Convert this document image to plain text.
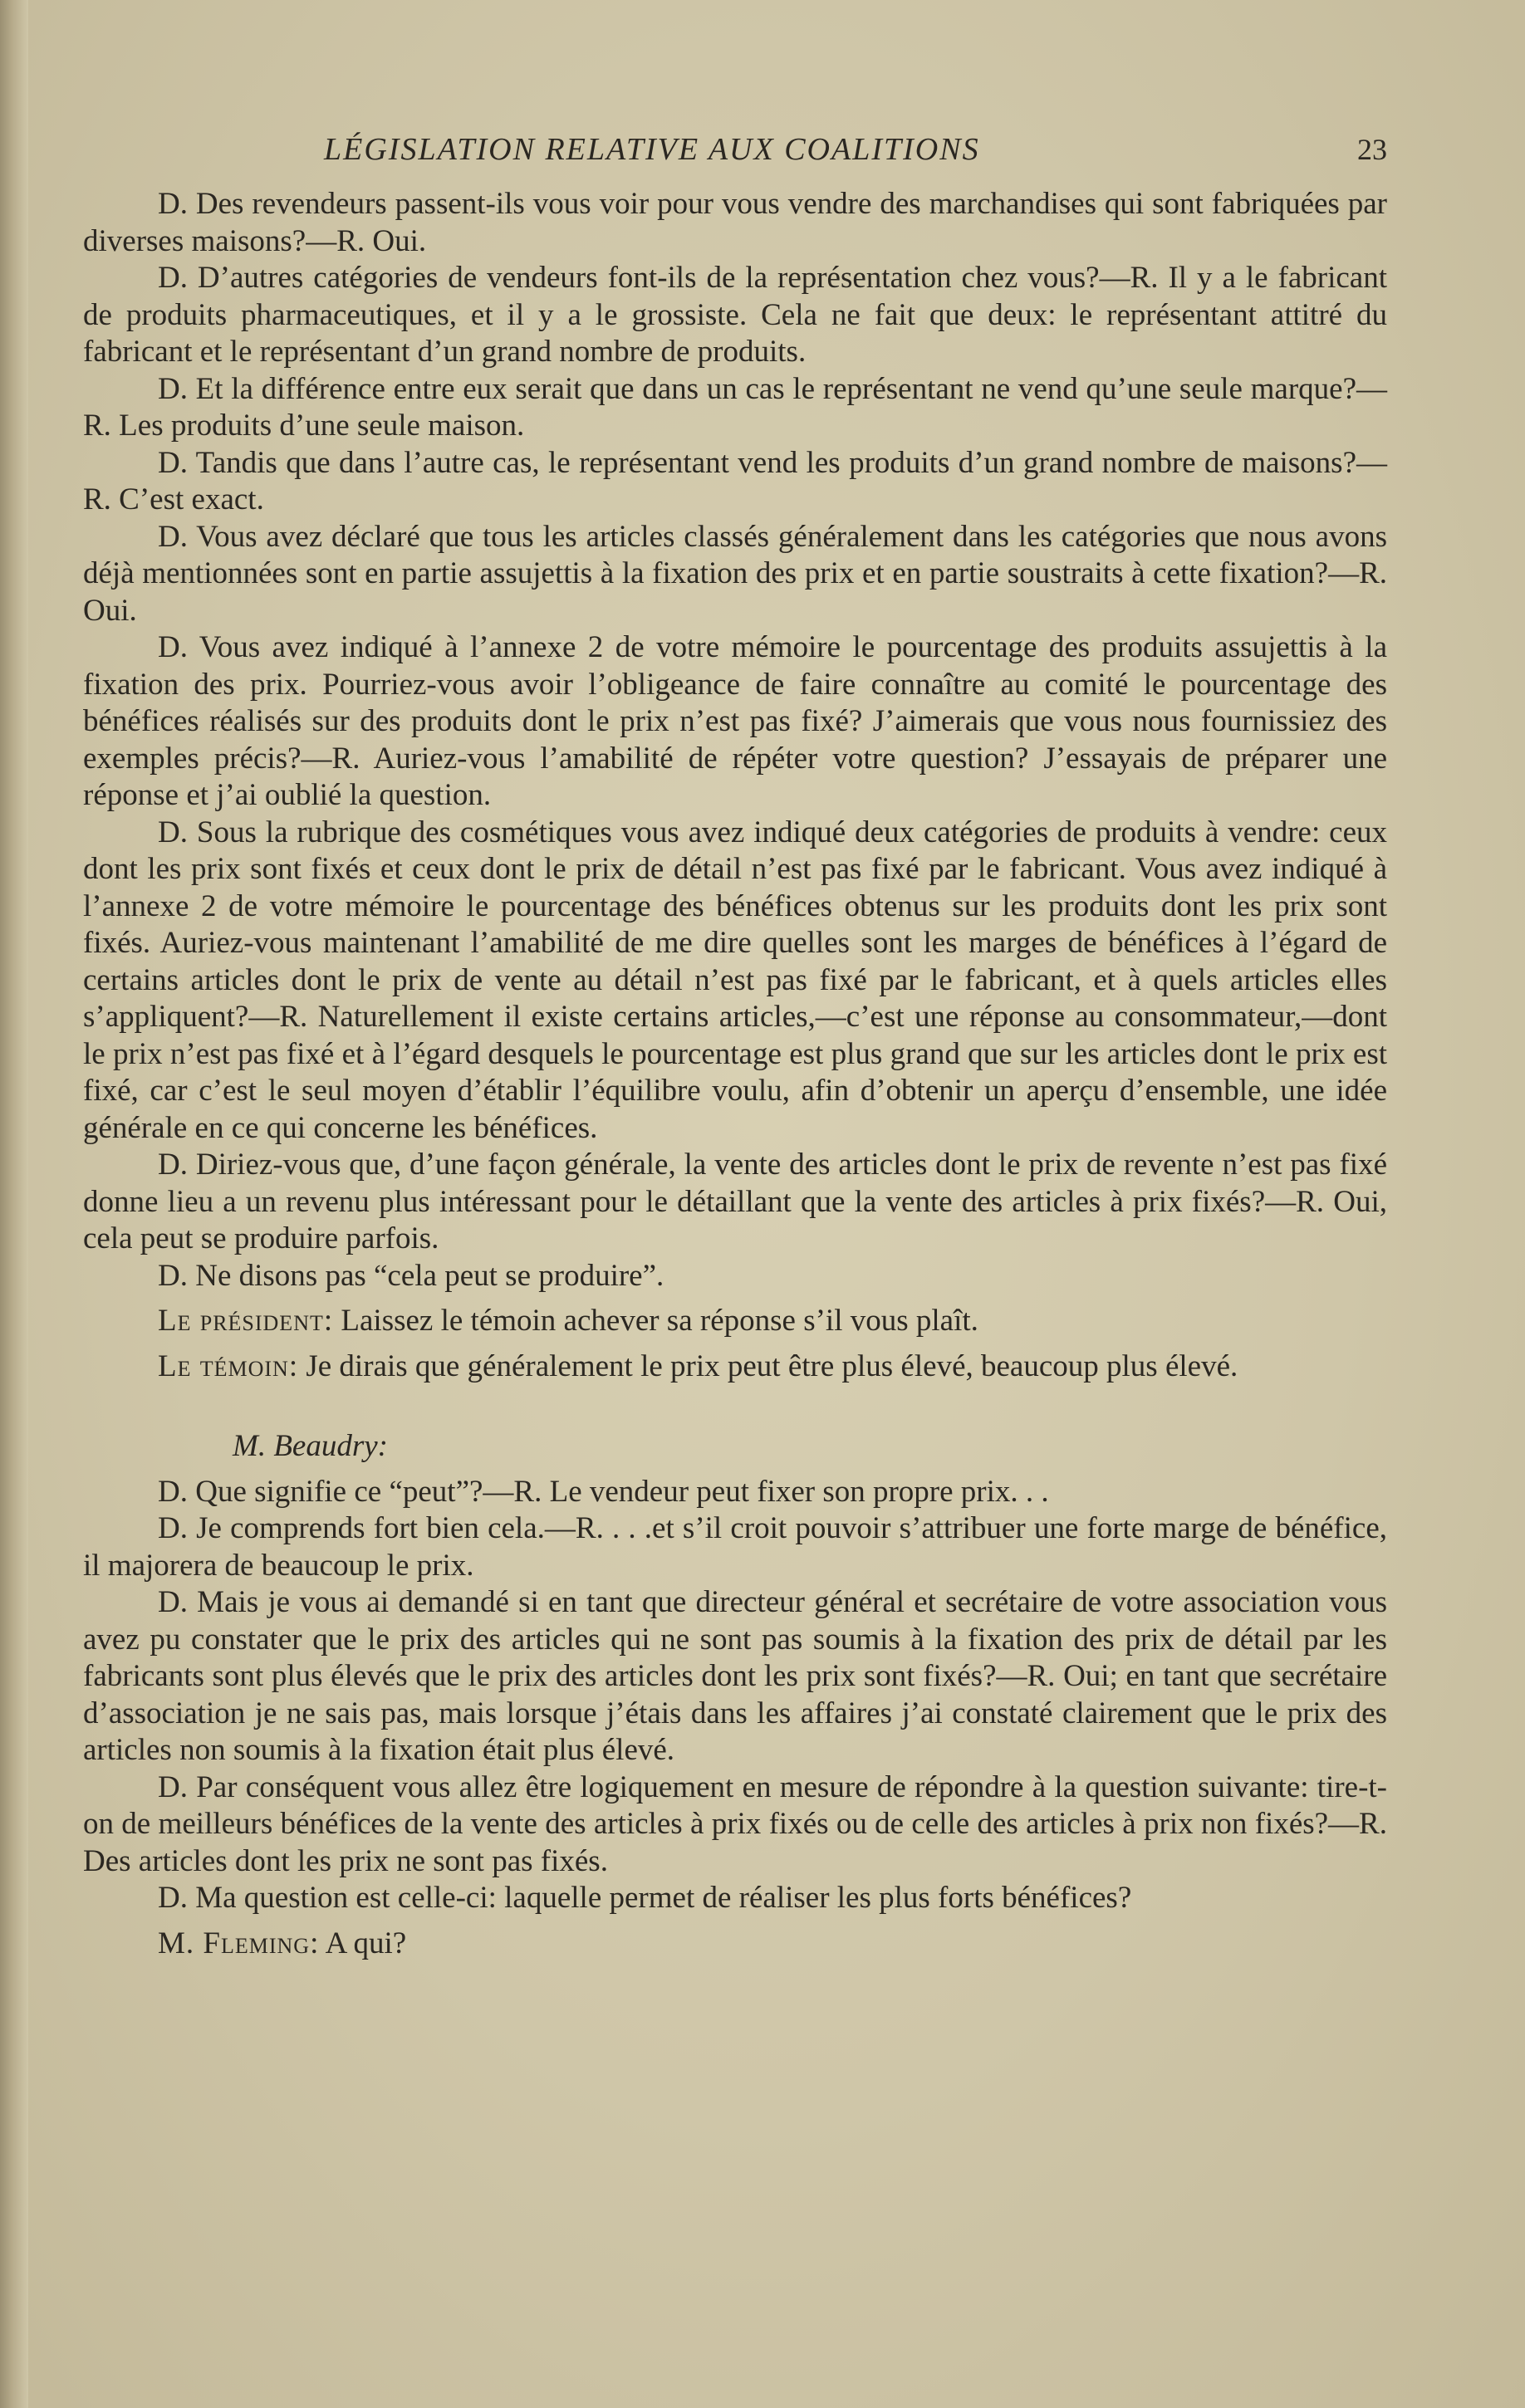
LÉGISLATION RELATIVE AUX COALITIONS	23

D. Des revendeurs passent-ils vous voir pour vous vendre des marchandises qui sont fabriquées par diverses maisons?—R. Oui.

D. D’autres catégories de vendeurs font-ils de la représentation chez vous?—R. Il y a le fabricant de produits pharmaceutiques, et il y a le grossiste. Cela ne fait que deux: le représentant attitré du fabricant et le représentant d’un grand nombre de produits.

D. Et la différence entre eux serait que dans un cas le représentant ne vend qu’une seule marque?—R. Les produits d’une seule maison.

D. Tandis que dans l’autre cas, le représentant vend les produits d’un grand nombre de maisons?—R. C’est exact.

D. Vous avez déclaré que tous les articles classés généralement dans les catégories que nous avons déjà mentionnées sont en partie assujettis à la fixation des prix et en partie soustraits à cette fixation?—R. Oui.

D. Vous avez indiqué à l’annexe 2 de votre mémoire le pourcentage des produits assujettis à la fixation des prix. Pourriez-vous avoir l’obligeance de faire connaître au comité le pourcentage des bénéfices réalisés sur des produits dont le prix n’est pas fixé? J’aimerais que vous nous fournissiez des exemples précis?—R. Auriez-vous l’amabilité de répéter votre question? J’essayais de préparer une réponse et j’ai oublié la question.

D. Sous la rubrique des cosmétiques vous avez indiqué deux catégories de produits à vendre: ceux dont les prix sont fixés et ceux dont le prix de détail n’est pas fixé par le fabricant. Vous avez indiqué à l’annexe 2 de votre mémoire le pourcentage des bénéfices obtenus sur les produits dont les prix sont fixés. Auriez-vous maintenant l’amabilité de me dire quelles sont les marges de bénéfices à l’égard de certains articles dont le prix de vente au détail n’est pas fixé par le fabricant, et à quels articles elles s’appliquent?—R. Naturellement il existe certains articles,—c’est une réponse au consommateur,—dont le prix n’est pas fixé et à l’égard desquels le pourcentage est plus grand que sur les articles dont le prix est fixé, car c’est le seul moyen d’établir l’équilibre voulu, afin d’obtenir un aperçu d’ensemble, une idée générale en ce qui concerne les bénéfices.

D. Diriez-vous que, d’une façon générale, la vente des articles dont le prix de revente n’est pas fixé donne lieu a un revenu plus intéressant pour le détaillant que la vente des articles à prix fixés?—R. Oui, cela peut se produire parfois.

D. Ne disons pas “cela peut se produire”.

Le président: Laissez le témoin achever sa réponse s’il vous plaît.

Le témoin: Je dirais que généralement le prix peut être plus élevé, beaucoup plus élevé.

M. Beaudry:

D. Que signifie ce “peut”?—R. Le vendeur peut fixer son propre prix. . .

D. Je comprends fort bien cela.—R. . . .et s’il croit pouvoir s’attribuer une forte marge de bénéfice, il majorera de beaucoup le prix.

D. Mais je vous ai demandé si en tant que directeur général et secrétaire de votre association vous avez pu constater que le prix des articles qui ne sont pas soumis à la fixation des prix de détail par les fabricants sont plus élevés que le prix des articles dont les prix sont fixés?—R. Oui; en tant que secrétaire d’association je ne sais pas, mais lorsque j’étais dans les affaires j’ai constaté clairement que le prix des articles non soumis à la fixation était plus élevé.

D. Par conséquent vous allez être logiquement en mesure de répondre à la question suivante: tire-t-on de meilleurs bénéfices de la vente des articles à prix fixés ou de celle des articles à prix non fixés?—R. Des articles dont les prix ne sont pas fixés.

D. Ma question est celle-ci: laquelle permet de réaliser les plus forts bénéfices?

M. Fleming: A qui?
